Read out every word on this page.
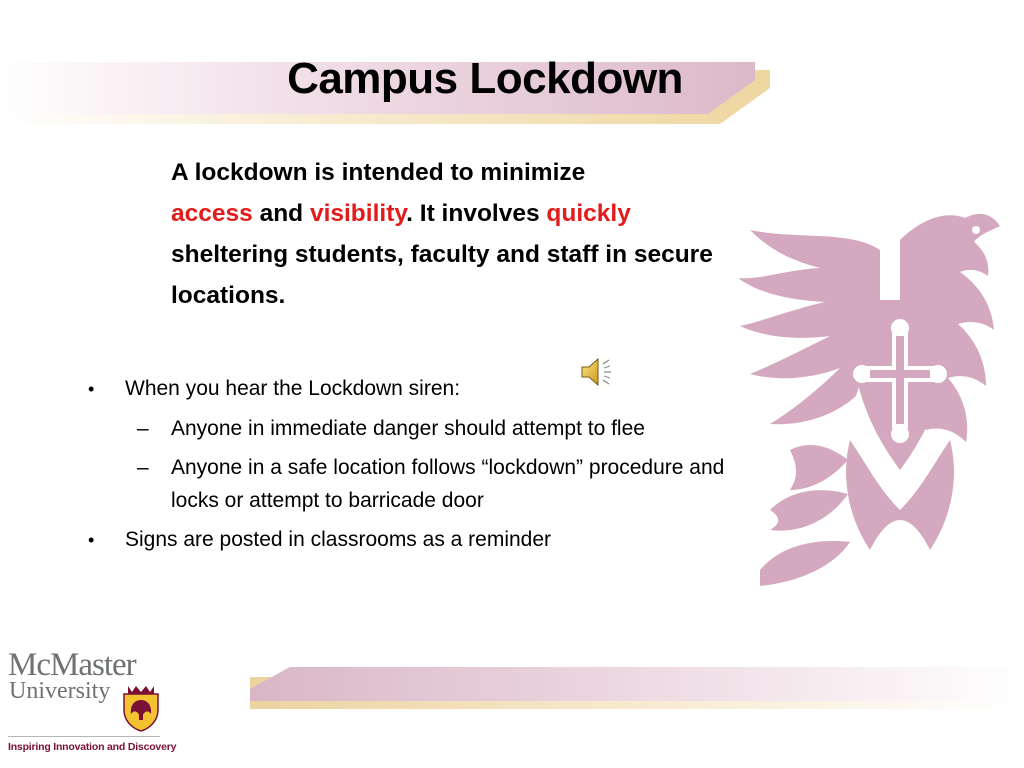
Campus Lockdown
A lockdown is intended to minimize
access and visibility. It involves quickly sheltering students, faculty and staff in secure locations.
• When you hear the Lockdown siren:
– Anyone in immediate danger should attempt to flee
– Anyone in a safe location follows “lockdown” procedure and locks or attempt to barricade door
• Signs are posted in classrooms as a reminder
McMaster
University
Inspiring Innovation and Discovery
